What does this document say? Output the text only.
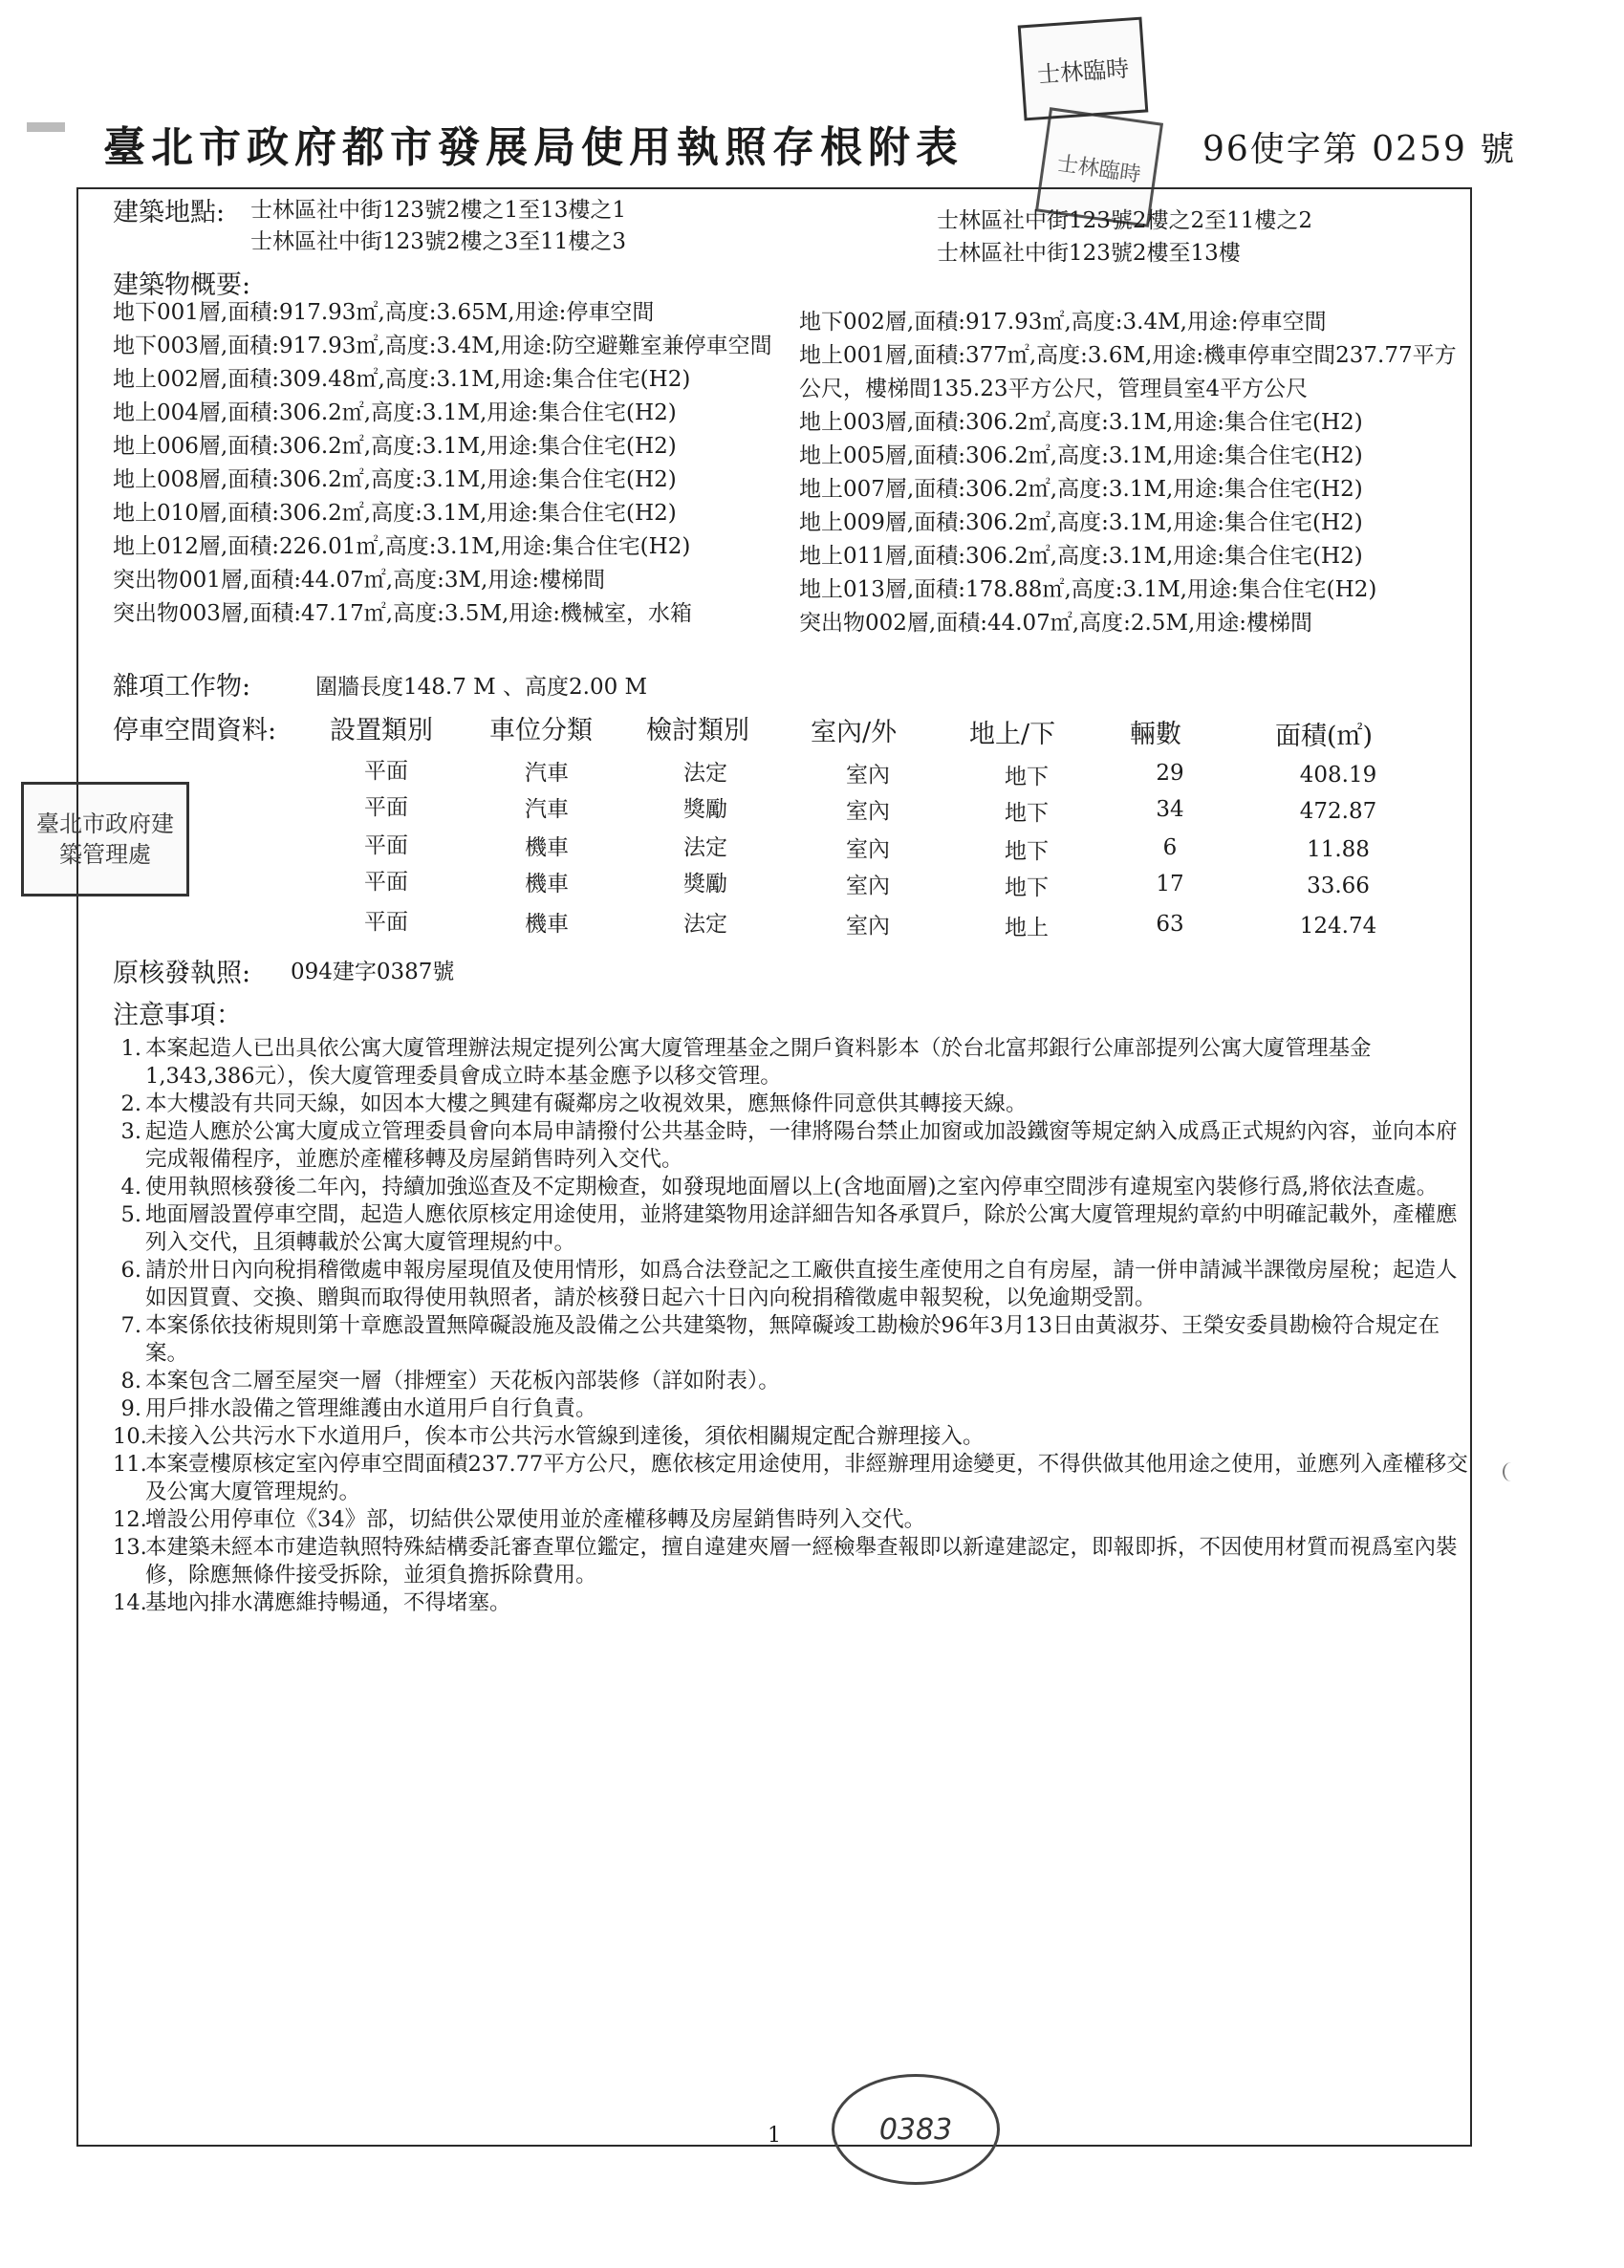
臺北市政府都市發展局使用執照存根附表	96使字第 0259 號
士林臨時
士林臨時
建築地點: 士林區社中街123號2樓之1至13樓之1
士林區社中街123號2樓之3至11樓之3
士林區社中街123號2樓之2至11樓之2
士林區社中街123號2樓至13樓
建築物概要:
地下001層,面積:917.93㎡,高度:3.65M,用途:停車空間
地下003層,面積:917.93㎡,高度:3.4M,用途:防空避難室兼停車空間
地上002層,面積:309.48㎡,高度:3.1M,用途:集合住宅(H2)
地上004層,面積:306.2㎡,高度:3.1M,用途:集合住宅(H2)
地上006層,面積:306.2㎡,高度:3.1M,用途:集合住宅(H2)
地上008層,面積:306.2㎡,高度:3.1M,用途:集合住宅(H2)
地上010層,面積:306.2㎡,高度:3.1M,用途:集合住宅(H2)
地上012層,面積:226.01㎡,高度:3.1M,用途:集合住宅(H2)
突出物001層,面積:44.07㎡,高度:3M,用途:樓梯間
突出物003層,面積:47.17㎡,高度:3.5M,用途:機械室，水箱
地下002層,面積:917.93㎡,高度:3.4M,用途:停車空間
地上001層,面積:377㎡,高度:3.6M,用途:機車停車空間237.77平方公尺，樓梯間135.23平方公尺，管理員室4平方公尺
地上003層,面積:306.2㎡,高度:3.1M,用途:集合住宅(H2)
地上005層,面積:306.2㎡,高度:3.1M,用途:集合住宅(H2)
地上007層,面積:306.2㎡,高度:3.1M,用途:集合住宅(H2)
地上009層,面積:306.2㎡,高度:3.1M,用途:集合住宅(H2)
地上011層,面積:306.2㎡,高度:3.1M,用途:集合住宅(H2)
地上013層,面積:178.88㎡,高度:3.1M,用途:集合住宅(H2)
突出物002層,面積:44.07㎡,高度:2.5M,用途:樓梯間
雜項工作物:	圍牆長度148.7 M 、高度2.00 M
停車空間資料: 設置類別 車位分類 檢討類別 室內/外	地上/下	輛數	面積(㎡)
平面	汽車	法定	室內	地下	29	408.19
平面	汽車	獎勵	室內	地下	34	472.87
平面	機車	法定	室內	地下	6	11.88
平面	機車	獎勵	室內	地下	17	33.66
平面	機車	法定	室內	地上	63	124.74
臺北市政府建築管理處
原核發執照: 094建字0387號
注意事項：
1. 本案起造人已出具依公寓大廈管理辦法規定提列公寓大廈管理基金之開戶資料影本（於台北富邦銀行公庫部提列公寓大廈管理基金1,343,386元），俟大廈管理委員會成立時本基金應予以移交管理。
2. 本大樓設有共同天線，如因本大樓之興建有礙鄰房之收視效果，應無條件同意供其轉接天線。
3. 起造人應於公寓大廈成立管理委員會向本局申請撥付公共基金時，一律將陽台禁止加窗或加設鐵窗等規定納入成爲正式規約內容，並向本府完成報備程序，並應於產權移轉及房屋銷售時列入交代。
4. 使用執照核發後二年內，持續加強巡查及不定期檢查，如發現地面層以上(含地面層)之室內停車空間涉有違規室內裝修行爲,將依法查處。
5. 地面層設置停車空間，起造人應依原核定用途使用，並將建築物用途詳細告知各承買戶，除於公寓大廈管理規約章約中明確記載外，產權應列入交代，且須轉載於公寓大廈管理規約中。
6. 請於卅日內向稅捐稽徵處申報房屋現值及使用情形，如爲合法登記之工廠供直接生產使用之自有房屋，請一併申請減半課徵房屋稅；起造人如因買賣、交換、贈與而取得使用執照者，請於核發日起六十日內向稅捐稽徵處申報契稅，以免逾期受罰。
7. 本案係依技術規則第十章應設置無障礙設施及設備之公共建築物，無障礙竣工勘檢於96年3月13日由黃淑芬、王榮安委員勘檢符合規定在案。
8. 本案包含二層至屋突一層（排煙室）天花板內部裝修（詳如附表）。
9. 用戶排水設備之管理維護由水道用戶自行負責。
10.
未接入公共污水下水道用戶，俟本市公共污水管線到達後，須依相關規定配合辦理接入。
11.
本案壹樓原核定室內停車空間面積237.77平方公尺，應依核定用途使用，非經辦理用途變更，不得供做其他用途之使用，並應列入產權移交及公寓大廈管理規約。
12.
增設公用停車位《34》部，切結供公眾使用並於產權移轉及房屋銷售時列入交代。
13.
本建築未經本市建造執照特殊結構委託審查單位鑑定，擅自違建夾層一經檢舉查報即以新違建認定，即報即拆，不因使用材質而視爲室內裝修，除應無條件接受拆除，並須負擔拆除費用。
14.
基地內排水溝應維持暢通，不得堵塞。
0383
1
